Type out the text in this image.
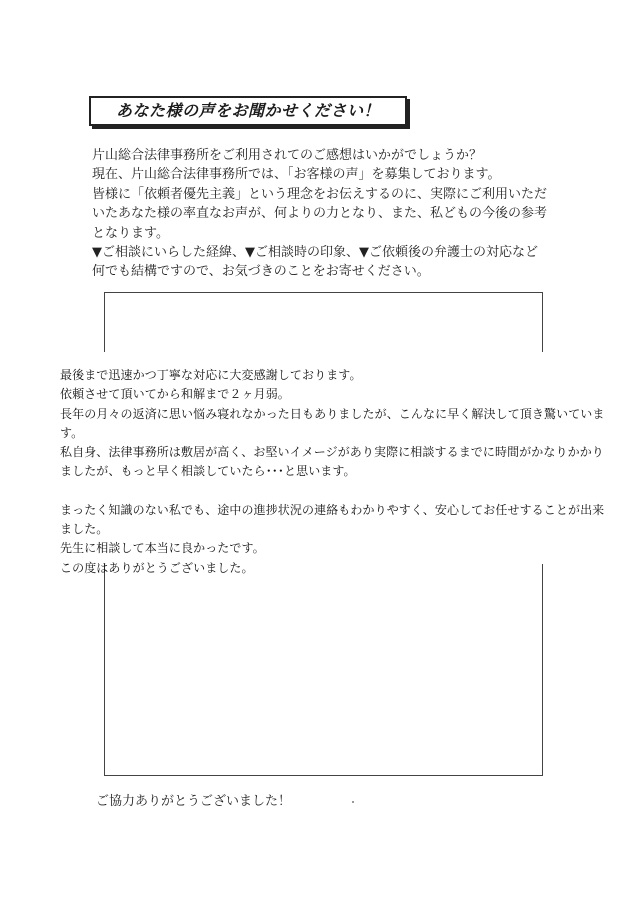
あなた様の声をお聞かせください！

片山総合法律事務所をご利用されてのご感想はいかがでしょうか？

現在、片山総合法律事務所では、「お客様の声」を募集しております。

皆様に「依頼者優先主義」という理念をお伝えするのに、実際にご利用いただ

いたあなた様の率直なお声が、何よりの力となり、また、私どもの今後の参考

となります。

▼ご相談にいらした経緯、▼ご相談時の印象、▼ご依頼後の弁護士の対応など

何でも結構ですので、お気づきのことをお寄せください。

最後まで迅速かつ丁寧な対応に大変感謝しております。

依頼させて頂いてから和解まで２ヶ月弱。

長年の月々の返済に思い悩み寝れなかった日もありましたが、こんなに早く解決して頂き驚いていま

す。

私自身、法律事務所は敷居が高く、お堅いイメージがあり実際に相談するまでに時間がかなりかかり

ましたが、もっと早く相談していたら･･･と思います。

まったく知識のない私でも、途中の進捗状況の連絡もわかりやすく、安心してお任せすることが出来

ました。

先生に相談して本当に良かったです。

この度はありがとうございました。

ご協力ありがとうございました！
